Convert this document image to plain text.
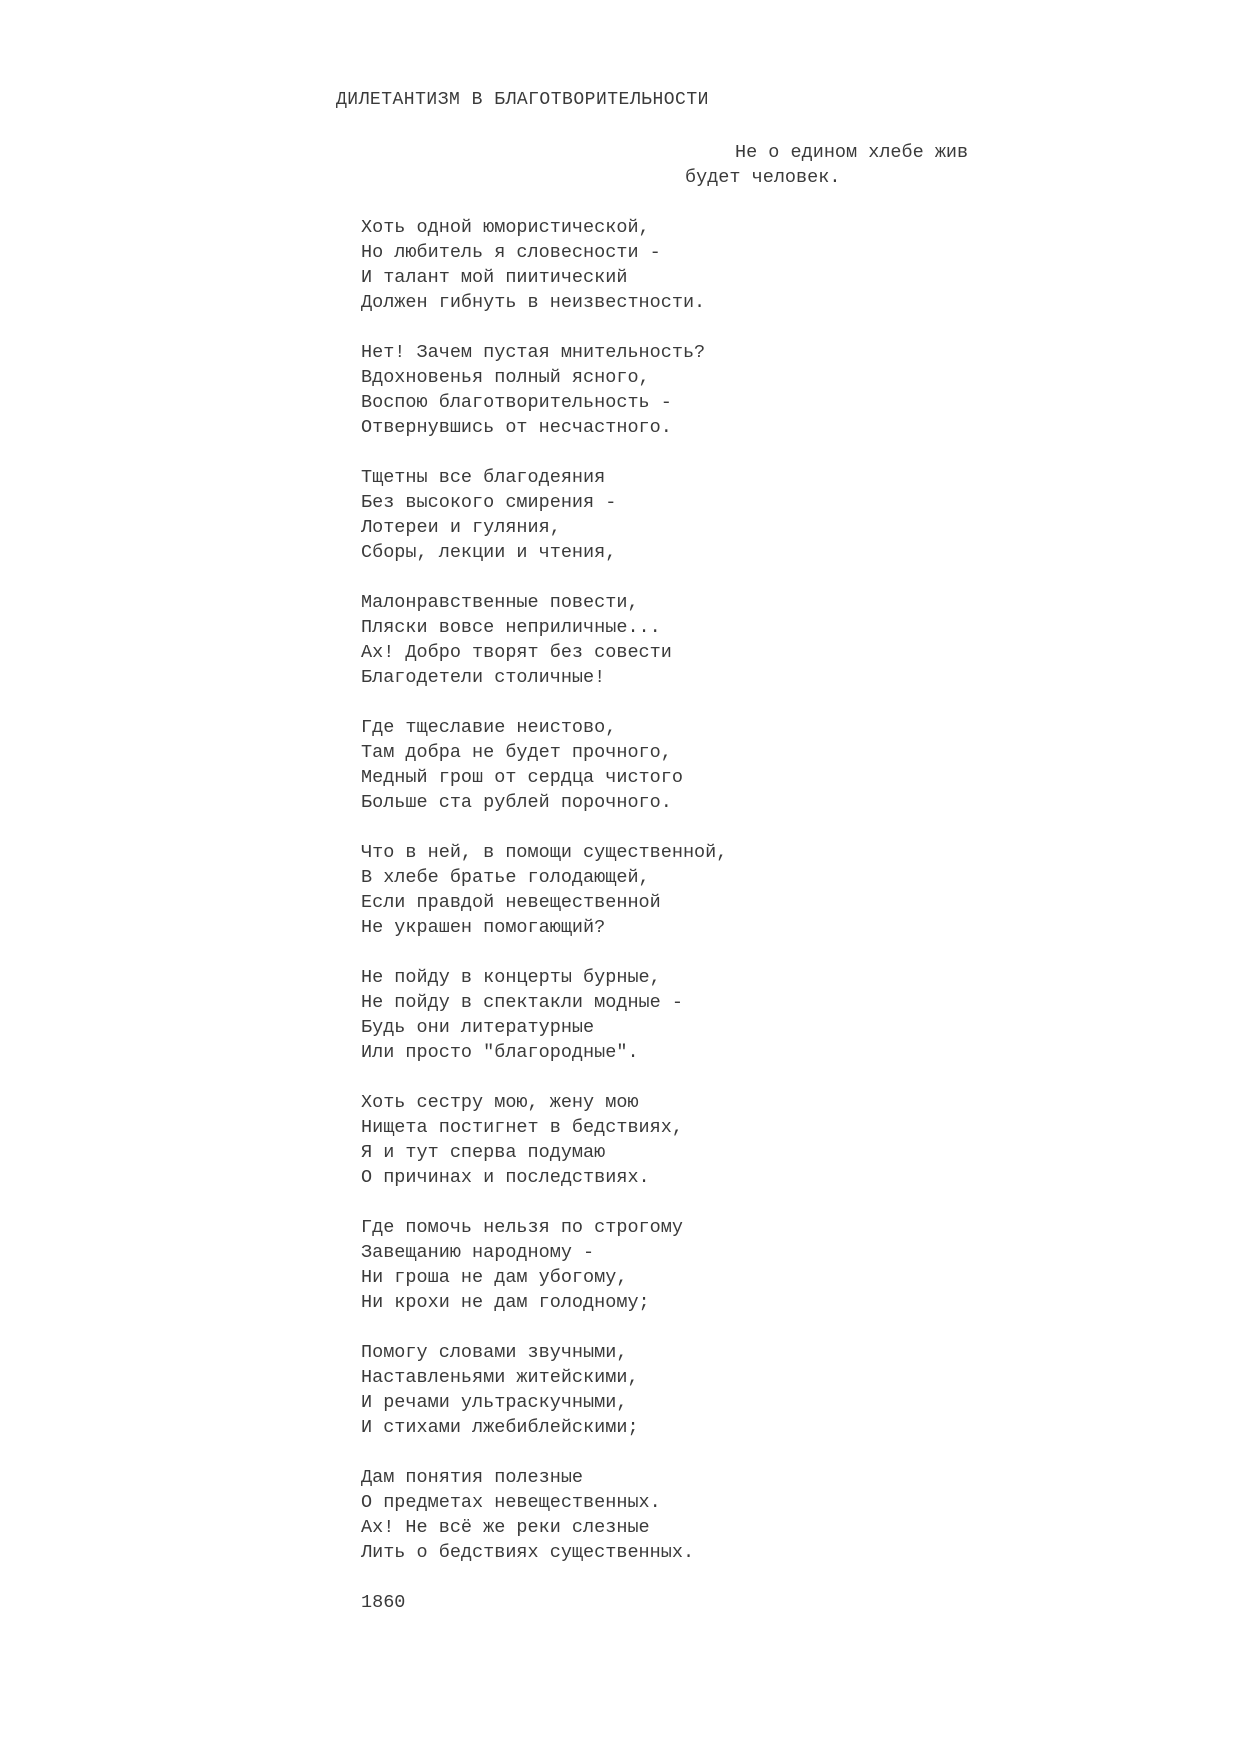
ДИЛЕТАНТИЗМ В БЛАГОТВОРИТЕЛЬНОСТИ
Не о едином хлебе жив
будет человек.
Хоть одной юмористической,
Но любитель я словесности -
И талант мой пиитический
Должен гибнуть в неизвестности.
Нет! Зачем пустая мнительность?
Вдохновенья полный ясного,
Воспою благотворительность -
Отвернувшись от несчастного.
Тщетны все благодеяния
Без высокого смирения -
Лотереи и гуляния,
Сборы, лекции и чтения,
Малонравственные повести,
Пляски вовсе неприличные...
Ах! Добро творят без совести
Благодетели столичные!
Где тщеславие неистово,
Там добра не будет прочного,
Медный грош от сердца чистого
Больше ста рублей порочного.
Что в ней, в помощи существенной,
В хлебе братье голодающей,
Если правдой невещественной
Не украшен помогающий?
Не пойду в концерты бурные,
Не пойду в спектакли модные -
Будь они литературные
Или просто "благородные".
Хоть сестру мою, жену мою
Нищета постигнет в бедствиях,
Я и тут сперва подумаю
О причинах и последствиях.
Где помочь нельзя по строгому
Завещанию народному -
Ни гроша не дам убогому,
Ни крохи не дам голодному;
Помогу словами звучными,
Наставленьями житейскими,
И речами ультраскучными,
И стихами лжебиблейскими;
Дам понятия полезные
О предметах невещественных.
Ах! Не всё же реки слезные
Лить о бедствиях существенных.
1860
